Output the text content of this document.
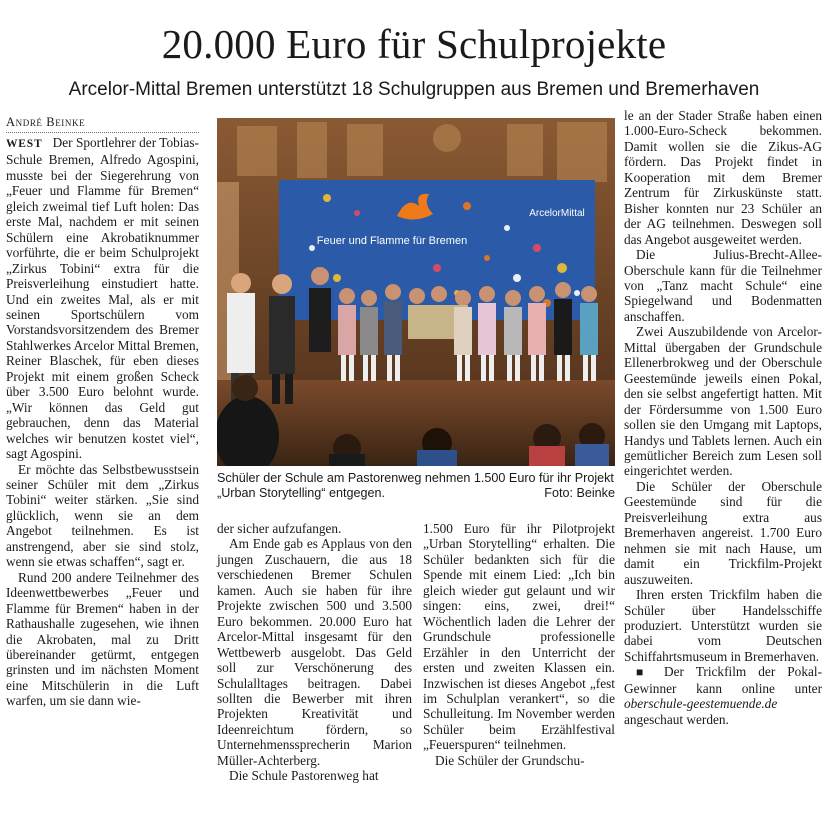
20.000 Euro für Schulprojekte
Arcelor-Mittal Bremen unterstützt 18 Schulgruppen aus Bremen und Bremerhaven
André Beinke

WEST Der Sportlehrer der Tobias-Schule Bremen, Alfredo Agospini, musste bei der Siegerehrung von „Feuer und Flamme für Bremen“ gleich zweimal tief Luft holen: Das erste Mal, nachdem er mit seinen Schülern eine Akrobatiknummer vorführte, die er beim Schulprojekt „Zirkus Tobini“ extra für die Preisverleihung einstudiert hatte. Und ein zweites Mal, als er mit seinen Sportschülern vom Vorstandsvorsitzendem des Bremer Stahlwerkes Arcelor Mittal Bremen, Reiner Blaschek, für eben dieses Projekt mit einem großen Scheck über 3.500 Euro belohnt wurde. „Wir können das Geld gut gebrauchen, denn das Material welches wir benutzen kostet viel“, sagt Agospini.

Er möchte das Selbstbewusstsein seiner Schüler mit dem „Zirkus Tobini“ weiter stärken. „Sie sind glücklich, wenn sie an dem Angebot teilnehmen. Es ist anstrengend, aber sie sind stolz, wenn sie etwas schaffen“, sagt er.

Rund 200 andere Teilnehmer des Ideenwettbewerbes „Feuer und Flamme für Bremen“ haben in der Rathaushalle zugesehen, wie ihnen die Akrobaten, mal zu Dritt übereinander getürmt, entgegen grinsten und im nächsten Moment eine Mitschülerin in die Luft warfen, um sie dann wie-

Feuer und Flamme für Bremen
ArcelorMittal
Schüler der Schule am Pastorenweg nehmen 1.500 Euro für ihr Projekt „Urban Storytelling“ entgegen.	Foto: Beinke

der sicher aufzufangen.

Am Ende gab es Applaus von den jungen Zuschauern, die aus 18 verschiedenen Bremer Schulen kamen. Auch sie haben für ihre Projekte zwischen 500 und 3.500 Euro bekommen. 20.000 Euro hat Arcelor-Mittal insgesamt für den Wettbewerb ausgelobt. Das Geld soll zur Verschönerung des Schulalltages beitragen. Dabei sollten die Bewerber mit ihren Projekten Kreativität und Ideenreichtum fördern, so Unternehmenssprecherin Marion Müller-Achterberg.

Die Schule Pastorenweg hat

1.500 Euro für ihr Pilotprojekt „Urban Storytelling“ erhalten. Die Schüler bedankten sich für die Spende mit einem Lied: „Ich bin gleich wieder gut gelaunt und wir singen: eins, zwei, drei!“ Wöchentlich laden die Lehrer der Grundschule professionelle Erzähler in den Unterricht der ersten und zweiten Klassen ein. Inzwischen ist dieses Angebot „fest im Schulplan verankert“, so die Schulleitung. Im November werden Schüler beim Erzählfestival „Feuerspuren“ teilnehmen.

Die Schüler der Grundschu-

le an der Stader Straße haben einen 1.000-Euro-Scheck bekommen. Damit wollen sie die Zikus-AG fördern. Das Projekt findet in Kooperation mit dem Bremer Zentrum für Zirkuskünste statt. Bisher konnten nur 23 Schüler an der AG teilnehmen. Deswegen soll das Angebot ausgeweitet werden.

Die Julius-Brecht-Allee-Oberschule kann für die Teilnehmer von „Tanz macht Schule“ eine Spiegelwand und Bodenmatten anschaffen.

Zwei Auszubildende von Arcelor-Mittal übergaben der Grundschule Ellenerbrokweg und der Oberschule Geestemünde jeweils einen Pokal, den sie selbst angefertigt hatten. Mit der Fördersumme von 1.500 Euro sollen sie den Umgang mit Laptops, Handys und Tablets lernen. Auch ein gemütlicher Bereich zum Lesen soll eingerichtet werden.

Die Schüler der Oberschule Geestemünde sind für die Preisverleihung extra aus Bremerhaven angereist. 1.700 Euro nehmen sie mit nach Hause, um damit ein Trickfilm-Projekt auszuweiten.

Ihren ersten Trickfilm haben die Schüler über Handelsschiffe produziert. Unterstützt wurden sie dabei vom Deutschen Schiffahrtsmuseum in Bremerhaven.

■ Der Trickfilm der Pokal-Gewinner kann online unter oberschule-geestemuende.de angeschaut werden.
